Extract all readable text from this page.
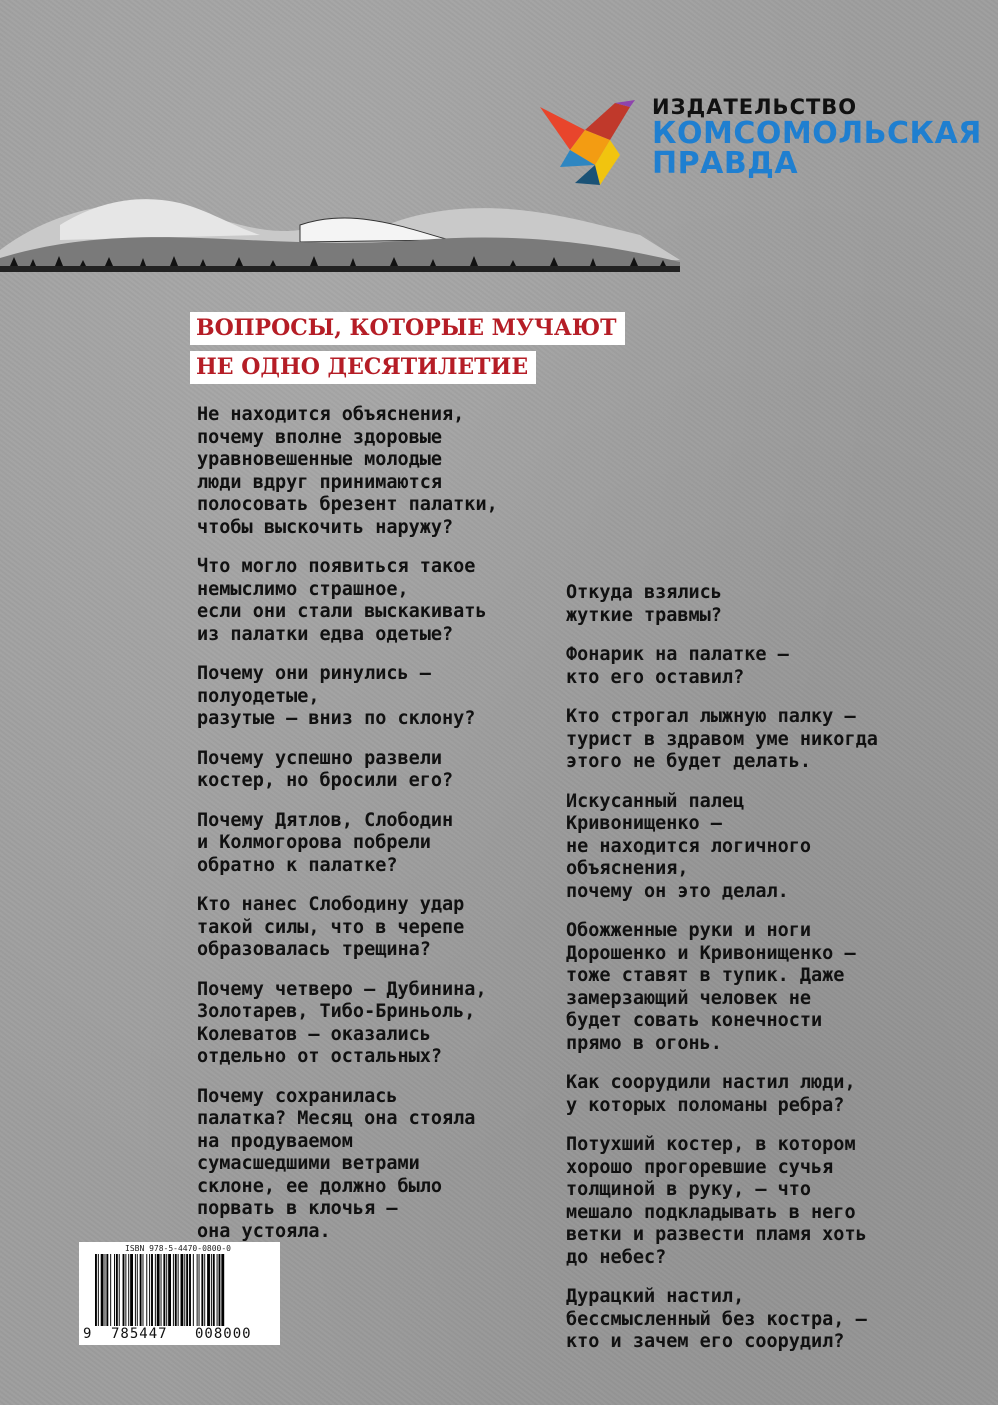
ИЗДАТЕЛЬСТВО
КОМСОМОЛЬСКАЯ
ПРАВДА
ВОПРОСЫ, КОТОРЫЕ МУЧАЮТ
НЕ ОДНО ДЕСЯТИЛЕТИЕ

Не находится объяснения,
почему вполне здоровые
уравновешенные молодые
люди вдруг принимаются
полосовать брезент палатки,
чтобы выскочить наружу?

Что могло появиться такое
немыслимо страшное,
если они стали выскакивать
из палатки едва одетые?

Почему они ринулись –
полуодетые,
разутые – вниз по склону?

Почему успешно развели
костер, но бросили его?

Почему Дятлов, Слободин
и Колмогорова побрели
обратно к палатке?

Кто нанес Слободину удар
такой силы, что в черепе
образовалась трещина?

Почему четверо – Дубинина,
Золотарев, Тибо-Бриньоль,
Колеватов – оказались
отдельно от остальных?

Почему сохранилась
палатка? Месяц она стояла
на продуваемом
сумасшедшими ветрами
склоне, ее должно было
порвать в клочья –
она устояла.

Откуда взялись
жуткие травмы?

Фонарик на палатке –
кто его оставил?

Кто строгал лыжную палку –
турист в здравом уме никогда
этого не будет делать.

Искусанный палец
Кривонищенко –
не находится логичного
объяснения,
почему он это делал.

Обожженные руки и ноги
Дорошенко и Кривонищенко –
тоже ставят в тупик. Даже
замерзающий человек не
будет совать конечности
прямо в огонь.

Как соорудили настил люди,
у которых поломаны ребра?

Потухший костер, в котором
хорошо прогоревшие сучья
толщиной в руку, – что
мешало подкладывать в него
ветки и развести пламя хоть
до небес?

Дурацкий настил,
бессмысленный без костра, –
кто и зачем его соорудил?

ISBN 978-5-4470-0800-0
9 785447 008000
